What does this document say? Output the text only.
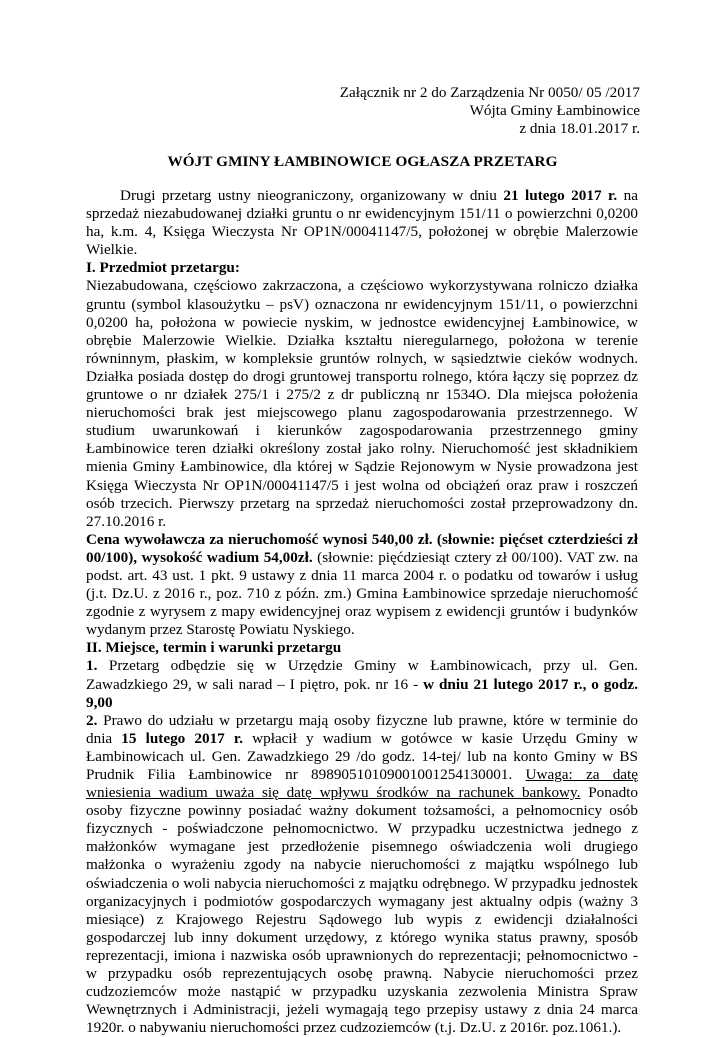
Załącznik nr 2 do Zarządzenia Nr 0050/ 05 /2017
Wójta Gminy Łambinowice
z dnia 18.01.2017 r.
WÓJT GMINY ŁAMBINOWICE OGŁASZA PRZETARG

Drugi przetarg ustny nieograniczony, organizowany w dniu 21 lutego 2017 r. na sprzedaż niezabudowanej działki gruntu o nr ewidencyjnym 151/11 o powierzchni 0,0200 ha, k.m. 4, Księga Wieczysta Nr OP1N/00041147/5, położonej w obrębie Malerzowie Wielkie.

I. Przedmiot przetargu:

Niezabudowana, częściowo zakrzaczona, a częściowo wykorzystywana rolniczo działka gruntu (symbol klasoużytku – psV) oznaczona nr ewidencyjnym 151/11, o powierzchni 0,0200 ha, położona w powiecie nyskim, w jednostce ewidencyjnej Łambinowice, w obrębie Malerzowie Wielkie. Działka kształtu nieregularnego, położona w terenie równinnym, płaskim, w kompleksie gruntów rolnych, w sąsiedztwie cieków wodnych. Działka posiada dostęp do drogi gruntowej transportu rolnego, która łączy się poprzez dz gruntowe o nr działek 275/1 i 275/2 z dr publiczną nr 1534O. Dla miejsca położenia nieruchomości brak jest miejscowego planu zagospodarowania przestrzennego. W studium uwarunkowań i kierunków zagospodarowania przestrzennego gminy Łambinowice teren działki określony został jako rolny. Nieruchomość jest składnikiem mienia Gminy Łambinowice, dla której w Sądzie Rejonowym w Nysie prowadzona jest Księga Wieczysta Nr OP1N/00041147/5 i jest wolna od obciążeń oraz praw i roszczeń osób trzecich. Pierwszy przetarg na sprzedaż nieruchomości został przeprowadzony dn. 27.10.2016 r.

Cena wywoławcza za nieruchomość wynosi 540,00 zł. (słownie: pięćset czterdzieści zł 00/100), wysokość wadium 54,00zł. (słownie: pięćdziesiąt cztery zł 00/100). VAT zw. na podst. art. 43 ust. 1 pkt. 9 ustawy z dnia 11 marca 2004 r. o podatku od towarów i usług (j.t. Dz.U. z 2016 r., poz. 710 z późn. zm.) Gmina Łambinowice sprzedaje nieruchomość zgodnie z wyrysem z mapy ewidencyjnej oraz wypisem z ewidencji gruntów i budynków wydanym przez Starostę Powiatu Nyskiego.

II. Miejsce, termin i warunki przetargu

1. Przetarg odbędzie się w Urzędzie Gminy w Łambinowicach, przy ul. Gen. Zawadzkiego 29, w sali narad – I piętro, pok. nr 16 - w dniu 21 lutego 2017 r., o godz. 9,00

2. Prawo do udziału w przetargu mają osoby fizyczne lub prawne, które w terminie do dnia 15 lutego 2017 r. wpłacił y wadium w gotówce w kasie Urzędu Gminy w Łambinowicach ul. Gen. Zawadzkiego 29 /do godz. 14-tej/ lub na konto Gminy w BS Prudnik Filia Łambinowice nr 89890510109001001254130001. Uwaga: za datę wniesienia wadium uważa się datę wpływu środków na rachunek bankowy. Ponadto osoby fizyczne powinny posiadać ważny dokument tożsamości, a pełnomocnicy osób fizycznych - poświadczone pełnomocnictwo. W przypadku uczestnictwa jednego z małżonków wymagane jest przedłożenie pisemnego oświadczenia woli drugiego małżonka o wyrażeniu zgody na nabycie nieruchomości z majątku wspólnego lub oświadczenia o woli nabycia nieruchomości z majątku odrębnego. W przypadku jednostek organizacyjnych i podmiotów gospodarczych wymagany jest aktualny odpis (ważny 3 miesiące) z Krajowego Rejestru Sądowego lub wypis z ewidencji działalności gospodarczej lub inny dokument urzędowy, z którego wynika status prawny, sposób reprezentacji, imiona i nazwiska osób uprawnionych do reprezentacji; pełnomocnictwo - w przypadku osób reprezentujących osobę prawną. Nabycie nieruchomości przez cudzoziemców może nastąpić w przypadku uzyskania zezwolenia Ministra Spraw Wewnętrznych i Administracji, jeżeli wymagają tego przepisy ustawy z dnia 24 marca 1920r. o nabywaniu nieruchomości przez cudzoziemców (t.j. Dz.U. z 2016r. poz.1061.).
